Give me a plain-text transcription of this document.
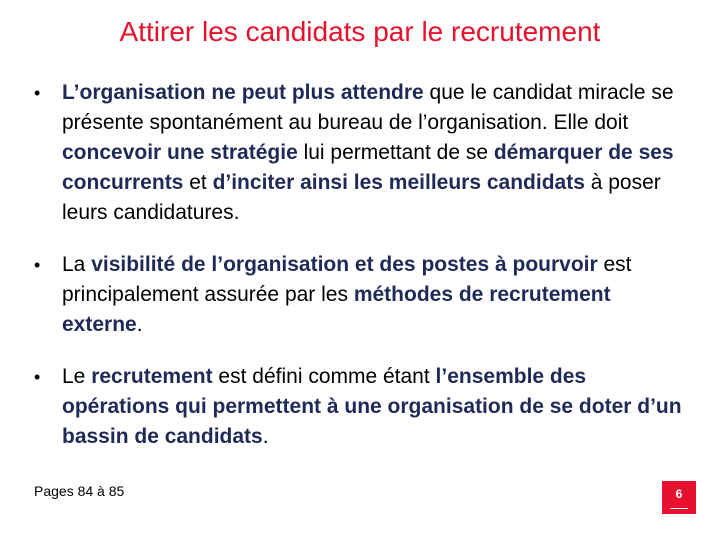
Attirer les candidats par le recrutement
• L’organisation ne peut plus attendre que le candidat miracle se présente spontanément au bureau de l’organisation. Elle doit concevoir une stratégie lui permettant de se démarquer de ses concurrents et d’inciter ainsi les meilleurs candidats à poser leurs candidatures.
• La visibilité de l’organisation et des postes à pourvoir est principalement assurée par les méthodes de recrutement externe.
• Le recrutement est défini comme étant l’ensemble des opérations qui permettent à une organisation de se doter d’un bassin de candidats.
Pages 84 à 85	6
